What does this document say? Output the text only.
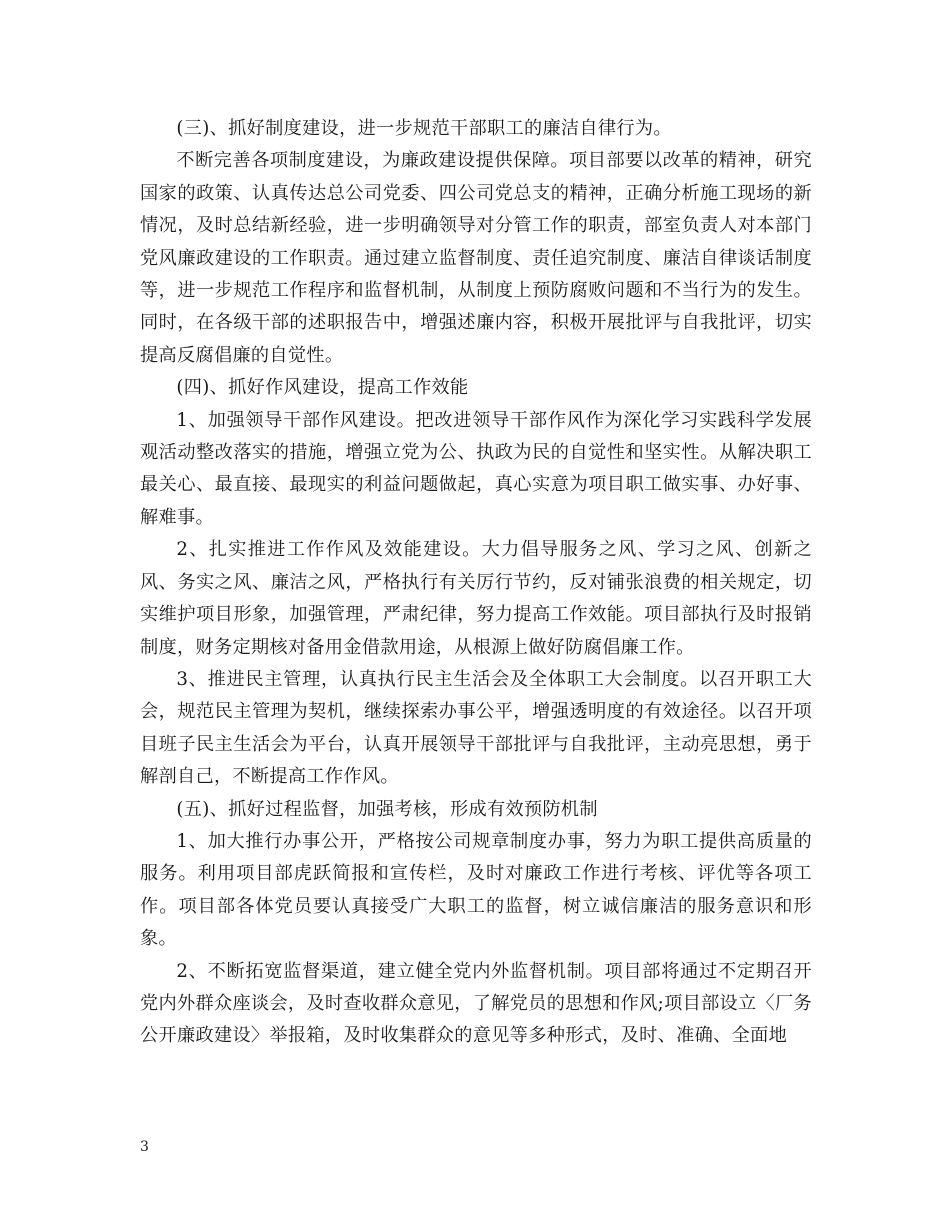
(三)、抓好制度建设，进一步规范干部职工的廉洁自律行为。

不断完善各项制度建设，为廉政建设提供保障。项目部要以改革的精神，研究国家的政策、认真传达总公司党委、四公司党总支的精神，正确分析施工现场的新情况，及时总结新经验，进一步明确领导对分管工作的职责，部室负责人对本部门党风廉政建设的工作职责。通过建立监督制度、责任追究制度、廉洁自律谈话制度等，进一步规范工作程序和监督机制，从制度上预防腐败问题和不当行为的发生。同时，在各级干部的述职报告中，增强述廉内容，积极开展批评与自我批评，切实提高反腐倡廉的自觉性。

(四)、抓好作风建设，提高工作效能

1、加强领导干部作风建设。把改进领导干部作风作为深化学习实践科学发展观活动整改落实的措施，增强立党为公、执政为民的自觉性和坚实性。从解决职工最关心、最直接、最现实的利益问题做起，真心实意为项目职工做实事、办好事、解难事。

2、扎实推进工作作风及效能建设。大力倡导服务之风、学习之风、创新之风、务实之风、廉洁之风，严格执行有关厉行节约，反对铺张浪费的相关规定，切实维护项目形象，加强管理，严肃纪律，努力提高工作效能。项目部执行及时报销制度，财务定期核对备用金借款用途，从根源上做好防腐倡廉工作。

3、推进民主管理，认真执行民主生活会及全体职工大会制度。以召开职工大会，规范民主管理为契机，继续探索办事公平，增强透明度的有效途径。以召开项目班子民主生活会为平台，认真开展领导干部批评与自我批评，主动亮思想，勇于解剖自己，不断提高工作作风。

(五)、抓好过程监督，加强考核，形成有效预防机制

1、加大推行办事公开，严格按公司规章制度办事，努力为职工提供高质量的服务。利用项目部虎跃简报和宣传栏，及时对廉政工作进行考核、评优等各项工作。项目部各体党员要认真接受广大职工的监督，树立诚信廉洁的服务意识和形象。

2、不断拓宽监督渠道，建立健全党内外监督机制。项目部将通过不定期召开党内外群众座谈会，及时查收群众意见，了解党员的思想和作风;项目部设立〈厂务公开廉政建设〉举报箱，及时收集群众的意见等多种形式，及时、准确、全面地

3
